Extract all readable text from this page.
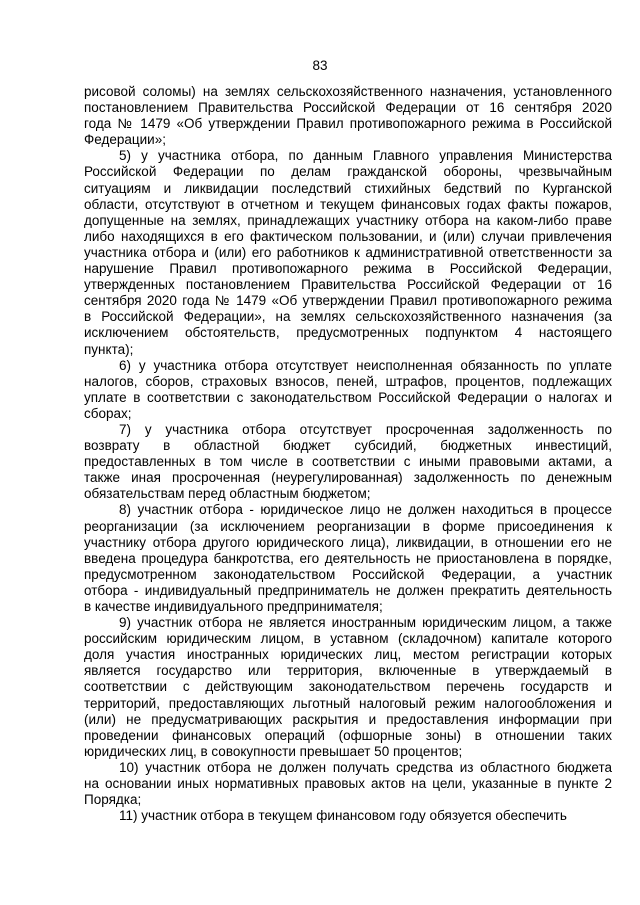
83
рисовой соломы) на землях сельскохозяйственного назначения, установленного
постановлением Правительства Российской Федерации от 16 сентября 2020
года № 1479 «Об утверждении Правил противопожарного режима в Российской
Федерации»;
5) у участника отбора, по данным Главного управления Министерства
Российской Федерации по делам гражданской обороны, чрезвычайным
ситуациям и ликвидации последствий стихийных бедствий по Курганской
области, отсутствуют в отчетном и текущем финансовых годах факты пожаров,
допущенные на землях, принадлежащих участнику отбора на каком-либо праве
либо находящихся в его фактическом пользовании, и (или) случаи привлечения
участника отбора и (или) его работников к административной ответственности за
нарушение Правил противопожарного режима в Российской Федерации,
утвержденных постановлением Правительства Российской Федерации от 16
сентября 2020 года № 1479 «Об утверждении Правил противопожарного режима
в Российской Федерации», на землях сельскохозяйственного назначения (за
исключением обстоятельств, предусмотренных подпунктом 4 настоящего
пункта);
6) у участника отбора отсутствует неисполненная обязанность по уплате
налогов, сборов, страховых взносов, пеней, штрафов, процентов, подлежащих
уплате в соответствии с законодательством Российской Федерации о налогах и
сборах;
7) у участника отбора отсутствует просроченная задолженность по
возврату в областной бюджет субсидий, бюджетных инвестиций,
предоставленных в том числе в соответствии с иными правовыми актами, а
также иная просроченная (неурегулированная) задолженность по денежным
обязательствам перед областным бюджетом;
8) участник отбора - юридическое лицо не должен находиться в процессе
реорганизации (за исключением реорганизации в форме присоединения к
участнику отбора другого юридического лица), ликвидации, в отношении его не
введена процедура банкротства, его деятельность не приостановлена в порядке,
предусмотренном законодательством Российской Федерации, а участник
отбора - индивидуальный предприниматель не должен прекратить деятельность
в качестве индивидуального предпринимателя;
9) участник отбора не является иностранным юридическим лицом, а также
российским юридическим лицом, в уставном (складочном) капитале которого
доля участия иностранных юридических лиц, местом регистрации которых
является государство или территория, включенные в утверждаемый в
соответствии с действующим законодательством перечень государств и
территорий, предоставляющих льготный налоговый режим налогообложения и
(или) не предусматривающих раскрытия и предоставления информации при
проведении финансовых операций (офшорные зоны) в отношении таких
юридических лиц, в совокупности превышает 50 процентов;
10) участник отбора не должен получать средства из областного бюджета
на основании иных нормативных правовых актов на цели, указанные в пункте 2
Порядка;
11) участник отбора в текущем финансовом году обязуется обеспечить
